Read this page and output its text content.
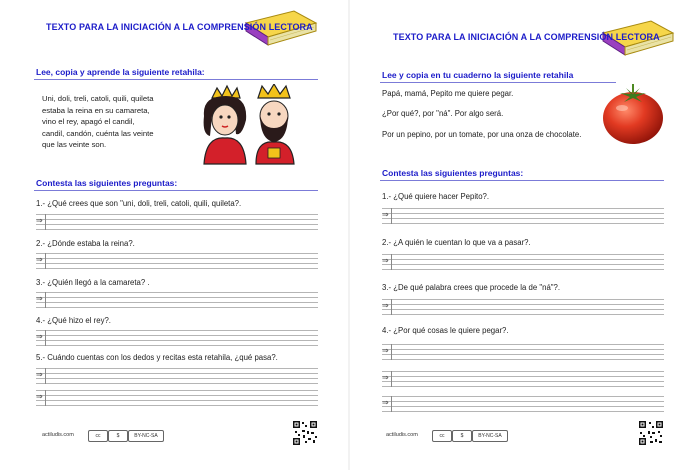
TEXTO PARA LA INICIACIÓN A LA COMPRENSIÓN LECTORA
Lee, copia y aprende la siguiente retahila:
Uni, doli, treli, catoli, quili, quileta
estaba la reina en su camareta,
vino el rey, apagó el candil,
candil, candón, cuénta las veinte
que las veinte son.
Contesta las siguientes preguntas:
1.- ¿Qué crees que son "uni, doli, treli, catoli, quili, quileta?.
⇒
2.- ¿Dónde estaba la reina?.
⇒
3.- ¿Quién llegó a la camareta? .
⇒
4.- ¿Qué hizo el rey?.
⇒
5.- Cuándo cuentas con los dedos y recitas esta retahila, ¿qué pasa?.
⇒
⇒
actiludis.com	cc	$	BY-NC-SA
TEXTO PARA LA INICIACIÓN A LA COMPRENSIÓN LECTORA
Lee y copia en tu cuaderno la siguiente retahila
Papá, mamá, Pepito me quiere pegar.
¿Por qué?, por "ná". Por algo será.
Por un pepino, por un tomate, por una onza de chocolate.
Contesta las siguientes preguntas:
1.- ¿Qué quiere hacer Pepito?.
⇒
2.- ¿A quién le cuentan lo que va a pasar?.
⇒
3.- ¿De qué palabra crees que procede la de "ná"?.
⇒
4.- ¿Por qué cosas le quiere pegar?.
⇒
⇒
⇒
actiludis.com	cc	$	BY-NC-SA
